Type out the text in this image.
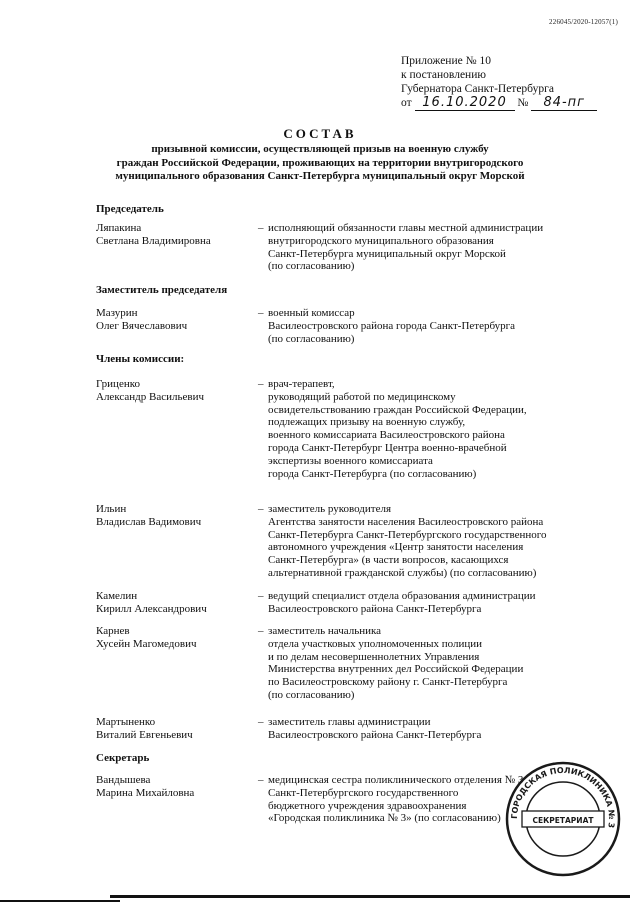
226045/2020-12057(1)
Приложение № 10
к постановлению
Губернатора Санкт-Петербурга
от 16.10.2020 № 84-пг
СОСТАВ
призывной комиссии, осуществляющей призыв на военную службу
граждан Российской Федерации, проживающих на территории внутригородского
муниципального образования Санкт-Петербурга муниципальный округ Морской
Председатель
Ляпакина
Светлана Владимировна
– исполняющий обязанности главы местной администрации
внутригородского муниципального образования
Санкт-Петербурга муниципальный округ Морской
(по согласованию)
Заместитель председателя
Мазурин
Олег Вячеславович
– военный комиссар
Василеостровского района города Санкт-Петербурга
(по согласованию)
Члены комиссии:
Гриценко
Александр Васильевич
– врач-терапевт,
руководящий работой по медицинскому
освидетельствованию граждан Российской Федерации,
подлежащих призыву на военную службу,
военного комиссариата Василеостровского района
города Санкт-Петербург Центра военно-врачебной
экспертизы военного комиссариата
города Санкт-Петербурга (по согласованию)
Ильин
Владислав Вадимович
– заместитель руководителя
Агентства занятости населения Василеостровского района
Санкт-Петербурга Санкт-Петербургского государственного
автономного учреждения «Центр занятости населения
Санкт-Петербурга» (в части вопросов, касающихся
альтернативной гражданской службы) (по согласованию)
Камелин
Кирилл Александрович
– ведущий специалист отдела образования администрации
Василеостровского района Санкт-Петербурга
Карнев
Хусейн Магомедович
– заместитель начальника
отдела участковых уполномоченных полиции
и по делам несовершеннолетних Управления
Министерства внутренних дел Российской Федерации
по Василеостровскому району г. Санкт-Петербурга
(по согласованию)
Мартыненко
Виталий Евгеньевич
– заместитель главы администрации
Василеостровского района Санкт-Петербурга
Секретарь
Вандышева
Марина Михайловна
– медицинская сестра поликлинического отделения № 3
Санкт-Петербургского государственного
бюджетного учреждения здравоохранения
«Городская поликлиника № 3» (по согласованию)	ГОРОДСКАЯ ПОЛИКЛИНИКА № 3
СЕКРЕТАРИАТ
